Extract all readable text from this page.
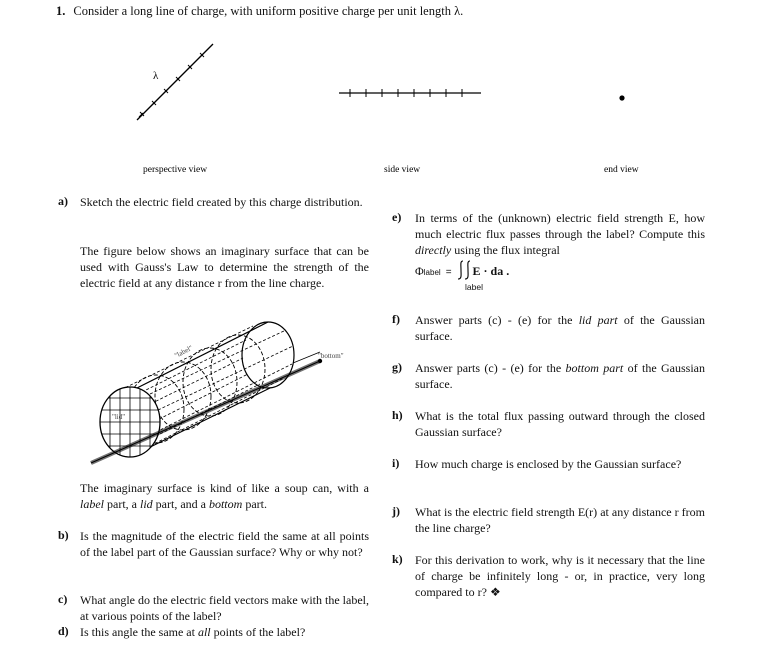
1. Consider a long line of charge, with uniform positive charge per unit length λ.
λ
perspective view	side view	end view
a) Sketch the electric field created by this charge distribution.
The figure below shows an imaginary surface that can be used with Gauss's Law to determine the strength of the electric field at any distance r from the line charge.
"label"
"lid"
"bottom"
The imaginary surface is kind of like a soup can, with a label part, a lid part, and a bottom part.
b) Is the magnitude of the electric field the same at all points of the label part of the Gaussian surface? Why or why not?
c) What angle do the electric field vectors make with the label, at various points of the label?
d) Is this angle the same at all points of the label?
e) In terms of the (unknown) electric field strength E, how much electric flux passes through the label? Compute this directly using the flux integral
Φlabel = E · da .
label
f) Answer parts (c) - (e) for the lid part of the Gaussian surface.
g) Answer parts (c) - (e) for the bottom part of the Gaussian surface.
h) What is the total flux passing outward through the closed Gaussian surface?
i) How much charge is enclosed by the Gaussian surface?
j) What is the electric field strength E(r) at any distance r from the line charge?
k) For this derivation to work, why is it necessary that the line of charge be infinitely long - or, in practice, very long compared to r? ❖
